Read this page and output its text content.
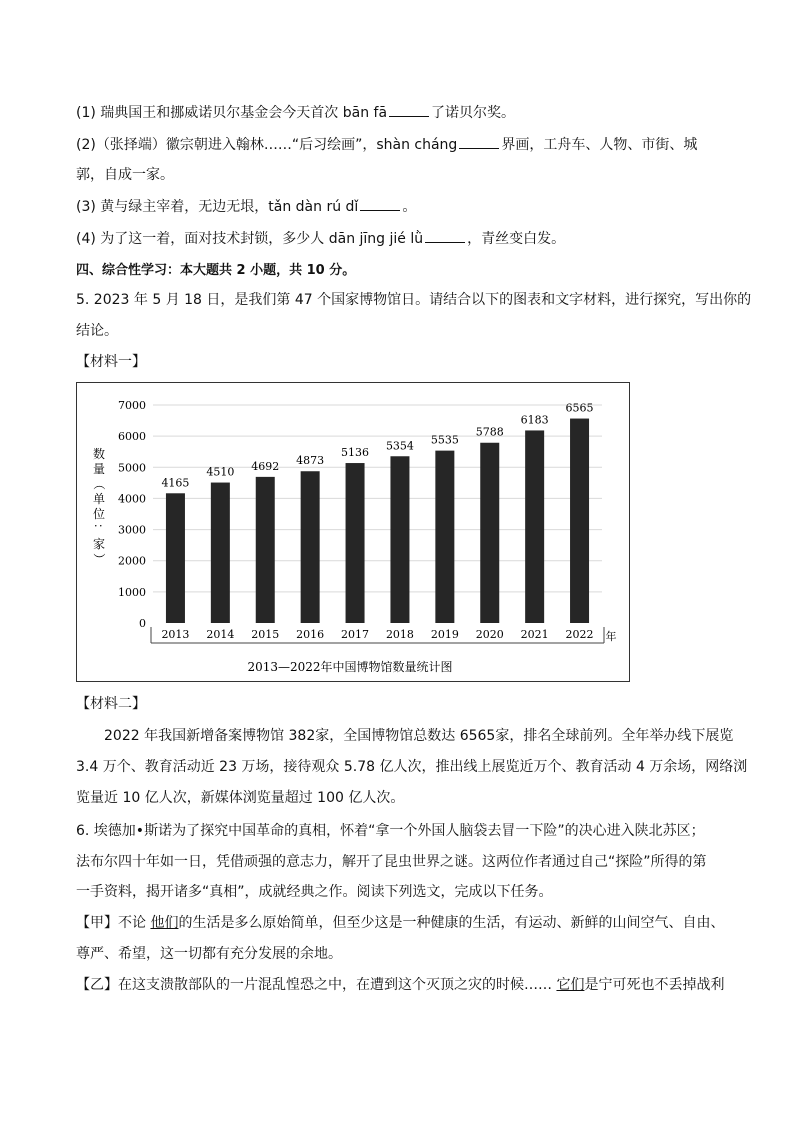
(1) 瑞典国王和挪威诺贝尔基金会今天首次 bān fā	了诺贝尔奖。
(2)（张择端）徽宗朝进入翰林……“后习绘画”，shàn cháng	界画，工舟车、人物、市街、城
郭，自成一家。
(3) 黄与绿主宰着，无边无垠，tǎn dàn rú dǐ	。
(4) 为了这一着，面对技术封锁，多少人 dān jīng jié lǜ	，青丝变白发。
四、综合性学习：本大题共 2 小题，共 10 分。
5. 2023 年 5 月 18 日，是我们第 47 个国家博物馆日。请结合以下的图表和文字材料，进行探究，写出你的
结论。
【材料一】
0
1000
2000
3000
4000
5000
6000
7000
2013 2014 2015 2016 2017 2018 2019 2020 2021 2022
4165
4510 4692 4873
5136
5354 5535
5788
6183
6565
数
量
（
单
位
：
家
）
年
2013—2022年中国博物馆数量统计图
【材料二】
2022 年我国新增备案博物馆 382家，全国博物馆总数达 6565家，排名全球前列。全年举办线下展览
3.4 万个、教育活动近 23 万场，接待观众 5.78 亿人次，推出线上展览近万个、教育活动 4 万余场，网络浏
览量近 10 亿人次，新媒体浏览量超过 100 亿人次。
6. 埃德加•斯诺为了探究中国革命的真相，怀着“拿一个外国人脑袋去冒一下险”的决心进入陕北苏区；
法布尔四十年如一日，凭借顽强的意志力，解开了昆虫世界之谜。这两位作者通过自己“探险”所得的第
一手资料，揭开诸多“真相”，成就经典之作。阅读下列选文，完成以下任务。
【甲】不论 他们的生活是多么原始简单，但至少这是一种健康的生活，有运动、新鲜的山间空气、自由、
尊严、希望，这一切都有充分发展的余地。
【乙】在这支溃散部队的一片混乱惶恐之中，在遭到这个灭顶之灾的时候…… 它们是宁可死也不丢掉战利
